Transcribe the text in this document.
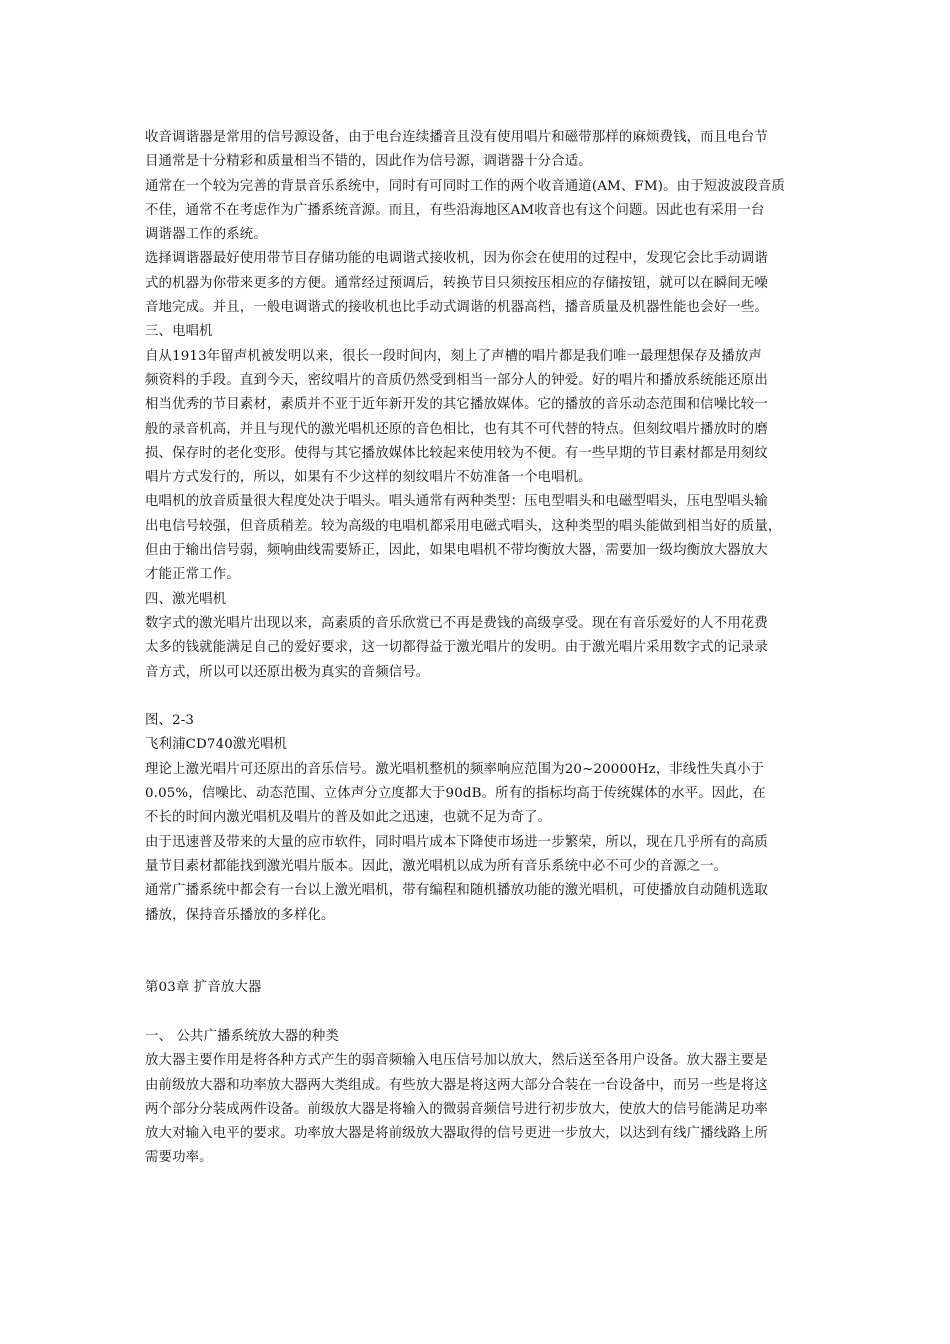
收音调谐器是常用的信号源设备，由于电台连续播音且没有使用唱片和磁带那样的麻烦费钱，而且电台节
目通常是十分精彩和质量相当不错的，因此作为信号源，调谐器十分合适。
通常在一个较为完善的背景音乐系统中，同时有可同时工作的两个收音通道(AM、FM)。由于短波波段音质
不佳，通常不在考虑作为广播系统音源。而且，有些沿海地区AM收音也有这个问题。因此也有采用一台
调谐器工作的系统。
选择调谐器最好使用带节目存储功能的电调谐式接收机，因为你会在使用的过程中，发现它会比手动调谐
式的机器为你带来更多的方便。通常经过预调后，转换节目只须按压相应的存储按钮，就可以在瞬间无噪
音地完成。并且，一般电调谐式的接收机也比手动式调谐的机器高档，播音质量及机器性能也会好一些。
三、电唱机
自从1913年留声机被发明以来，很长一段时间内，刻上了声槽的唱片都是我们唯一最理想保存及播放声
频资料的手段。直到今天，密纹唱片的音质仍然受到相当一部分人的钟爱。好的唱片和播放系统能还原出
相当优秀的节目素材，素质并不亚于近年新开发的其它播放媒体。它的播放的音乐动态范围和信噪比较一
般的录音机高，并且与现代的激光唱机还原的音色相比，也有其不可代替的特点。但刻纹唱片播放时的磨
损、保存时的老化变形。使得与其它播放媒体比较起来使用较为不便。有一些早期的节目素材都是用刻纹
唱片方式发行的，所以，如果有不少这样的刻纹唱片不妨准备一个电唱机。
电唱机的放音质量很大程度处决于唱头。唱头通常有两种类型：压电型唱头和电磁型唱头，压电型唱头输
出电信号较强，但音质稍差。较为高级的电唱机都采用电磁式唱头，这种类型的唱头能做到相当好的质量，
但由于输出信号弱，频响曲线需要矫正，因此，如果电唱机不带均衡放大器，需要加一级均衡放大器放大
才能正常工作。
四、激光唱机
数字式的激光唱片出现以来，高素质的音乐欣赏已不再是费钱的高级享受。现在有音乐爱好的人不用花费
太多的钱就能满足自己的爱好要求，这一切都得益于激光唱片的发明。由于激光唱片采用数字式的记录录
音方式，所以可以还原出极为真实的音频信号。
图、2-3
飞利浦CD740激光唱机
理论上激光唱片可还原出的音乐信号。激光唱机整机的频率响应范围为20~20000Hz，非线性失真小于
0.05%，信噪比、动态范围、立体声分立度都大于90dB。所有的指标均高于传统媒体的水平。因此，在
不长的时间内激光唱机及唱片的普及如此之迅速，也就不足为奇了。
由于迅速普及带来的大量的应市软件，同时唱片成本下降使市场进一步繁荣，所以，现在几乎所有的高质
量节目素材都能找到激光唱片版本。因此，激光唱机以成为所有音乐系统中必不可少的音源之一。
通常广播系统中都会有一台以上激光唱机，带有编程和随机播放功能的激光唱机，可使播放自动随机选取
播放，保持音乐播放的多样化。
第03章 扩音放大器
一、 公共广播系统放大器的种类
放大器主要作用是将各种方式产生的弱音频输入电压信号加以放大，然后送至各用户设备。放大器主要是
由前级放大器和功率放大器两大类组成。有些放大器是将这两大部分合装在一台设备中，而另一些是将这
两个部分分装成两件设备。前级放大器是将输入的微弱音频信号进行初步放大，使放大的信号能满足功率
放大对输入电平的要求。功率放大器是将前级放大器取得的信号更进一步放大，以达到有线广播线路上所
需要功率。
